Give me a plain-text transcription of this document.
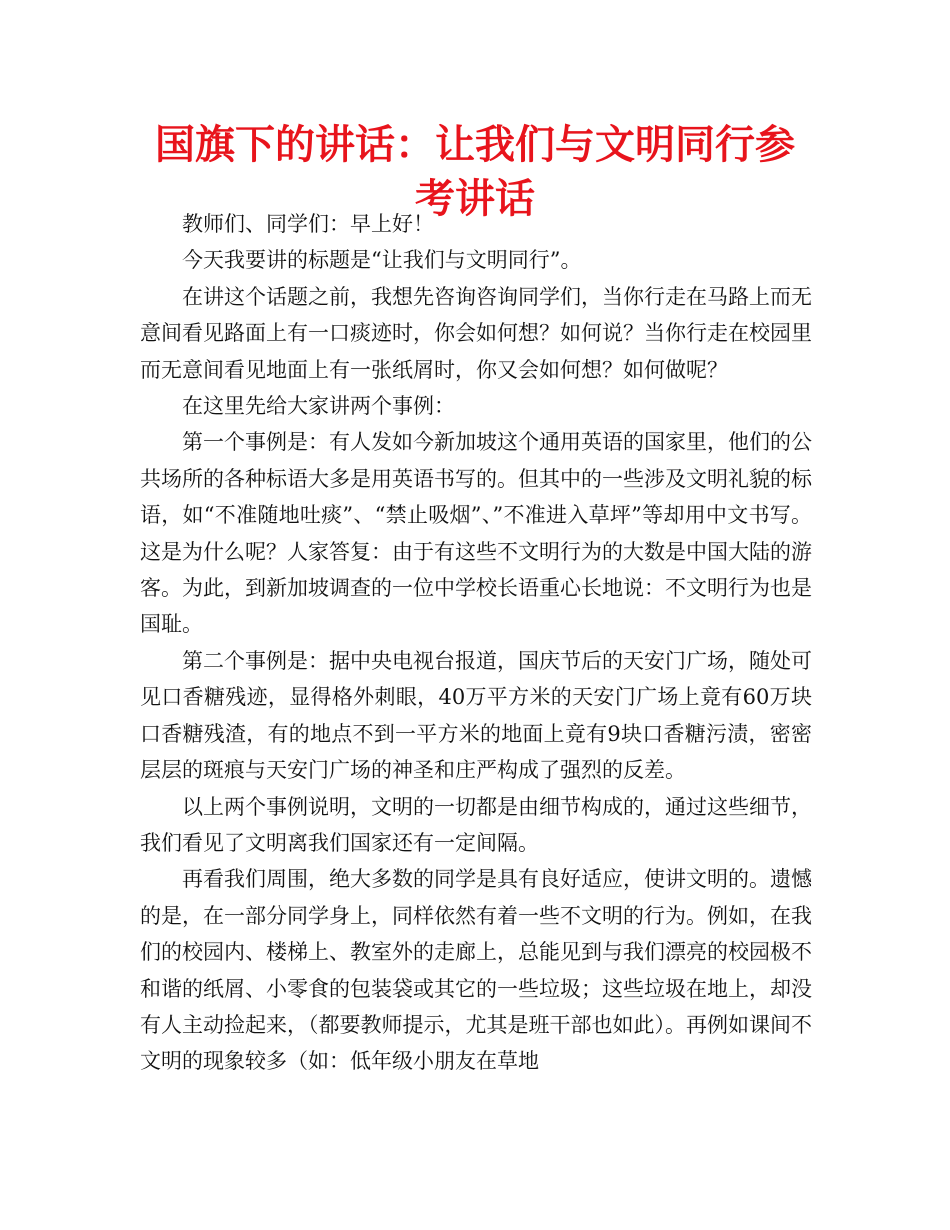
国旗下的讲话：让我们与文明同行参考讲话

教师们、同学们：早上好！

今天我要讲的标题是“让我们与文明同行”。

在讲这个话题之前，我想先咨询咨询同学们，当你行走在马路上而无意间看见路面上有一口痰迹时，你会如何想？如何说？当你行走在校园里而无意间看见地面上有一张纸屑时，你又会如何想？如何做呢？

在这里先给大家讲两个事例：

第一个事例是：有人发如今新加坡这个通用英语的国家里，他们的公共场所的各种标语大多是用英语书写的。但其中的一些涉及文明礼貌的标语，如“不准随地吐痰”、“禁止吸烟”、”不准进入草坪”等却用中文书写。这是为什么呢？人家答复：由于有这些不文明行为的大数是中国大陆的游客。为此，到新加坡调查的一位中学校长语重心长地说：不文明行为也是国耻。

第二个事例是：据中央电视台报道，国庆节后的天安门广场，随处可见口香糖残迹，显得格外刺眼，40万平方米的天安门广场上竟有60万块口香糖残渣，有的地点不到一平方米的地面上竟有9块口香糖污渍，密密层层的斑痕与天安门广场的神圣和庄严构成了强烈的反差。

以上两个事例说明，文明的一切都是由细节构成的，通过这些细节，我们看见了文明离我们国家还有一定间隔。

再看我们周围，绝大多数的同学是具有良好适应，使讲文明的。遗憾的是，在一部分同学身上，同样依然有着一些不文明的行为。例如，在我们的校园内、楼梯上、教室外的走廊上，总能见到与我们漂亮的校园极不和谐的纸屑、小零食的包装袋或其它的一些垃圾；这些垃圾在地上，却没有人主动捡起来，（都要教师提示，尤其是班干部也如此）。再例如课间不文明的现象较多（如：低年级小朋友在草地
